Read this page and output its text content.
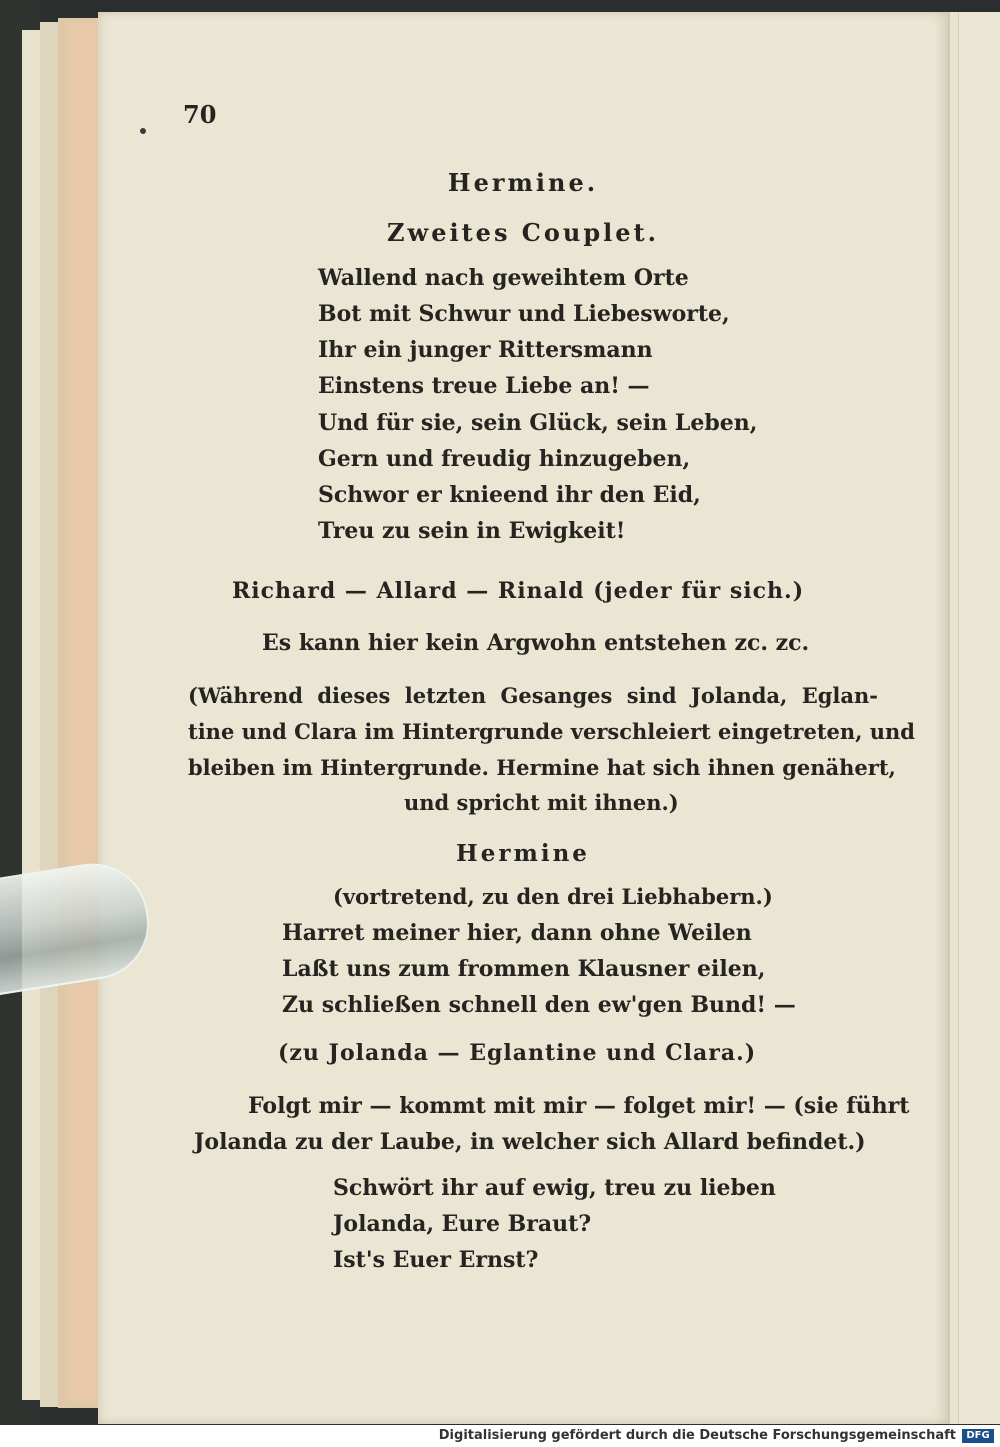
70
Hermine.
Zweites Couplet.
Wallend nach geweihtem Orte
Bot mit Schwur und Liebesworte,
Ihr ein junger Rittersmann
Einstens treue Liebe an! —
Und für sie, sein Glück, sein Leben,
Gern und freudig hinzugeben,
Schwor er knieend ihr den Eid,
Treu zu sein in Ewigkeit!
Richard — Allard — Rinald (jeder für sich.)
Es kann hier kein Argwohn entstehen zc. zc.
(Während dieses letzten Gesanges sind Jolanda, Eglan-
tine und Clara im Hintergrunde verschleiert eingetreten, und
bleiben im Hintergrunde. Hermine hat sich ihnen genähert,
und spricht mit ihnen.)
Hermine
(vortretend, zu den drei Liebhabern.)
Harret meiner hier, dann ohne Weilen
Laßt uns zum frommen Klausner eilen,
Zu schließen schnell den ew'gen Bund! —
(zu Jolanda — Eglantine und Clara.)
Folgt mir — kommt mit mir — folget mir! — (sie führt
Jolanda zu der Laube, in welcher sich Allard befindet.)
Schwört ihr auf ewig, treu zu lieben
Jolanda, Eure Braut?
Ist's Euer Ernst?
Digitalisierung gefördert durch die Deutsche Forschungsgemeinschaft	DFG
